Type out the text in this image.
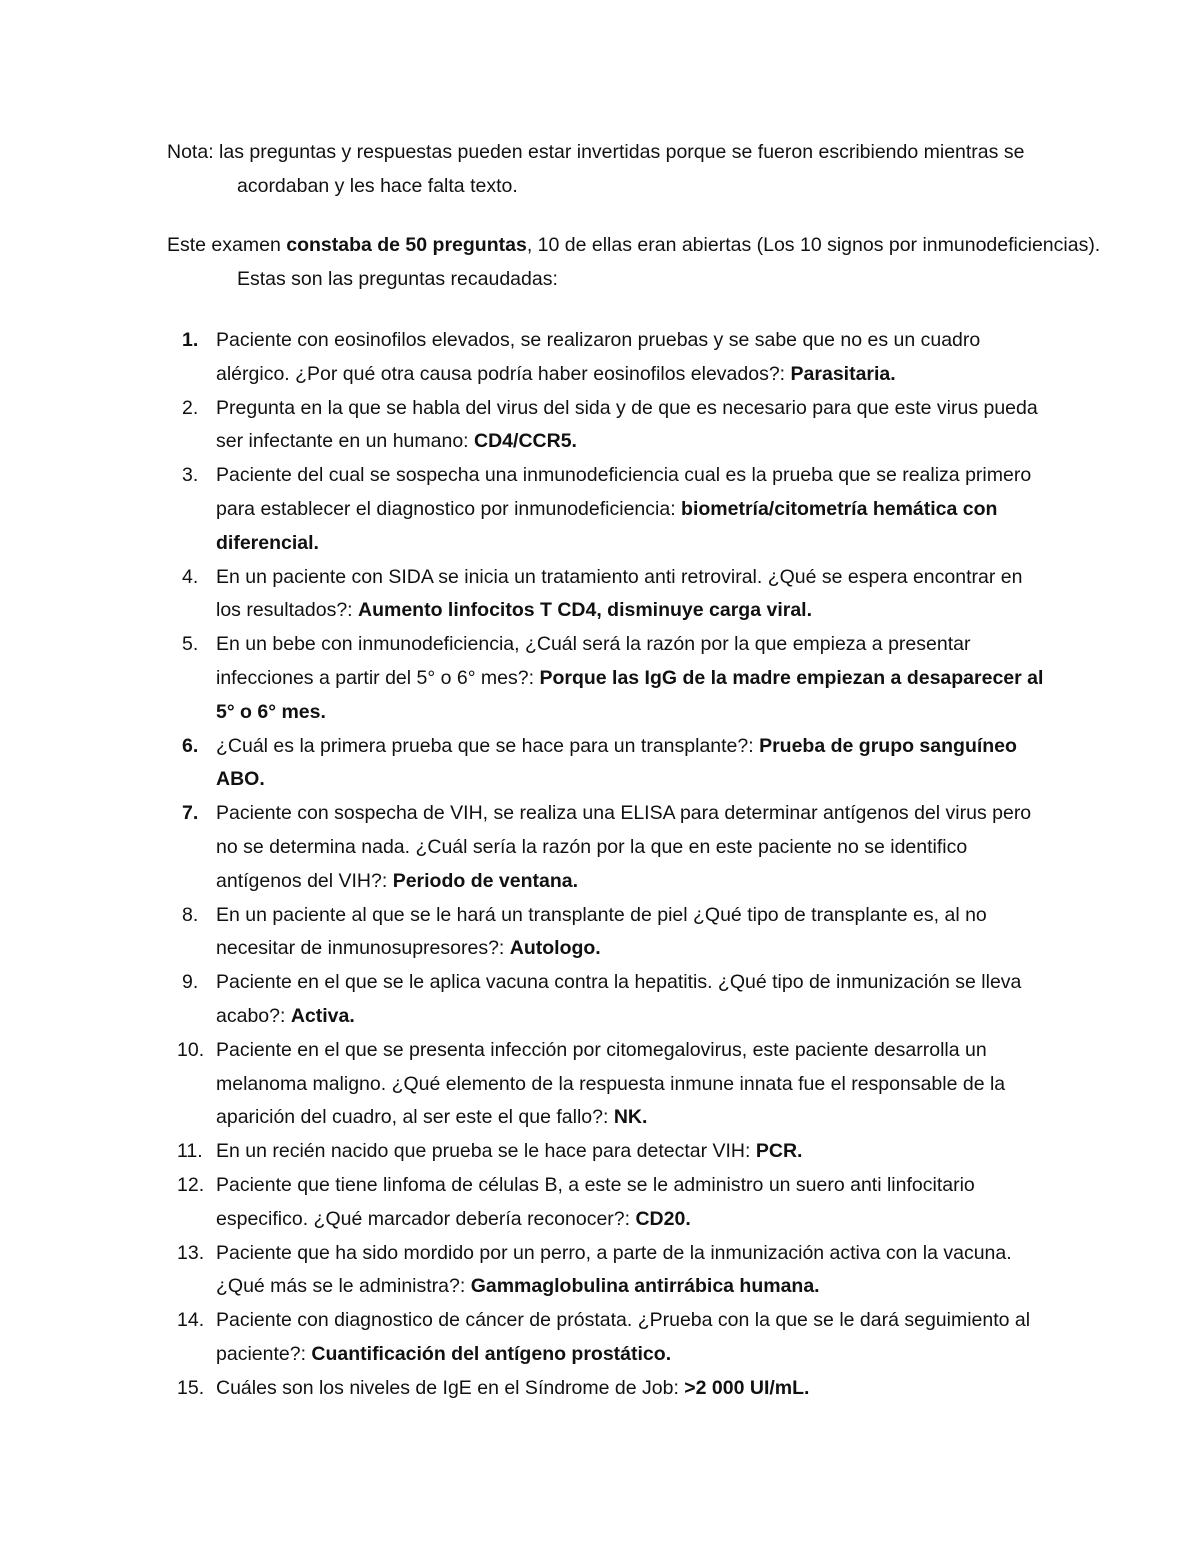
Nota: las preguntas y respuestas pueden estar invertidas porque se fueron escribiendo mientras se acordaban y les hace falta texto.

Este examen constaba de 50 preguntas, 10 de ellas eran abiertas (Los 10 signos por inmunodeficiencias). Estas son las preguntas recaudadas:

1. Paciente con eosinofilos elevados, se realizaron pruebas y se sabe que no es un cuadro alérgico. ¿Por qué otra causa podría haber eosinofilos elevados?: Parasitaria.
2. Pregunta en la que se habla del virus del sida y de que es necesario para que este virus pueda ser infectante en un humano: CD4/CCR5.
3. Paciente del cual se sospecha una inmunodeficiencia cual es la prueba que se realiza primero para establecer el diagnostico por inmunodeficiencia: biometría/citometría hemática con diferencial.
4. En un paciente con SIDA se inicia un tratamiento anti retroviral. ¿Qué se espera encontrar en los resultados?: Aumento linfocitos T CD4, disminuye carga viral.
5. En un bebe con inmunodeficiencia, ¿Cuál será la razón por la que empieza a presentar infecciones a partir del 5° o 6° mes?: Porque las IgG de la madre empiezan a desaparecer al 5° o 6° mes.
6. ¿Cuál es la primera prueba que se hace para un transplante?: Prueba de grupo sanguíneo ABO.
7. Paciente con sospecha de VIH, se realiza una ELISA para determinar antígenos del virus pero no se determina nada. ¿Cuál sería la razón por la que en este paciente no se identifico antígenos del VIH?: Periodo de ventana.
8. En un paciente al que se le hará un transplante de piel ¿Qué tipo de transplante es, al no necesitar de inmunosupresores?: Autologo.
9. Paciente en el que se le aplica vacuna contra la hepatitis. ¿Qué tipo de inmunización se lleva acabo?: Activa.
10. Paciente en el que se presenta infección por citomegalovirus, este paciente desarrolla un melanoma maligno. ¿Qué elemento de la respuesta inmune innata fue el responsable de la aparición del cuadro, al ser este el que fallo?: NK.
11. En un recién nacido que prueba se le hace para detectar VIH: PCR.
12. Paciente que tiene linfoma de células B, a este se le administro un suero anti linfocitario especifico. ¿Qué marcador debería reconocer?: CD20.
13. Paciente que ha sido mordido por un perro, a parte de la inmunización activa con la vacuna. ¿Qué más se le administra?: Gammaglobulina antirrábica humana.
14. Paciente con diagnostico de cáncer de próstata. ¿Prueba con la que se le dará seguimiento al paciente?: Cuantificación del antígeno prostático.
15. Cuáles son los niveles de IgE en el Síndrome de Job: >2 000 UI/mL.
